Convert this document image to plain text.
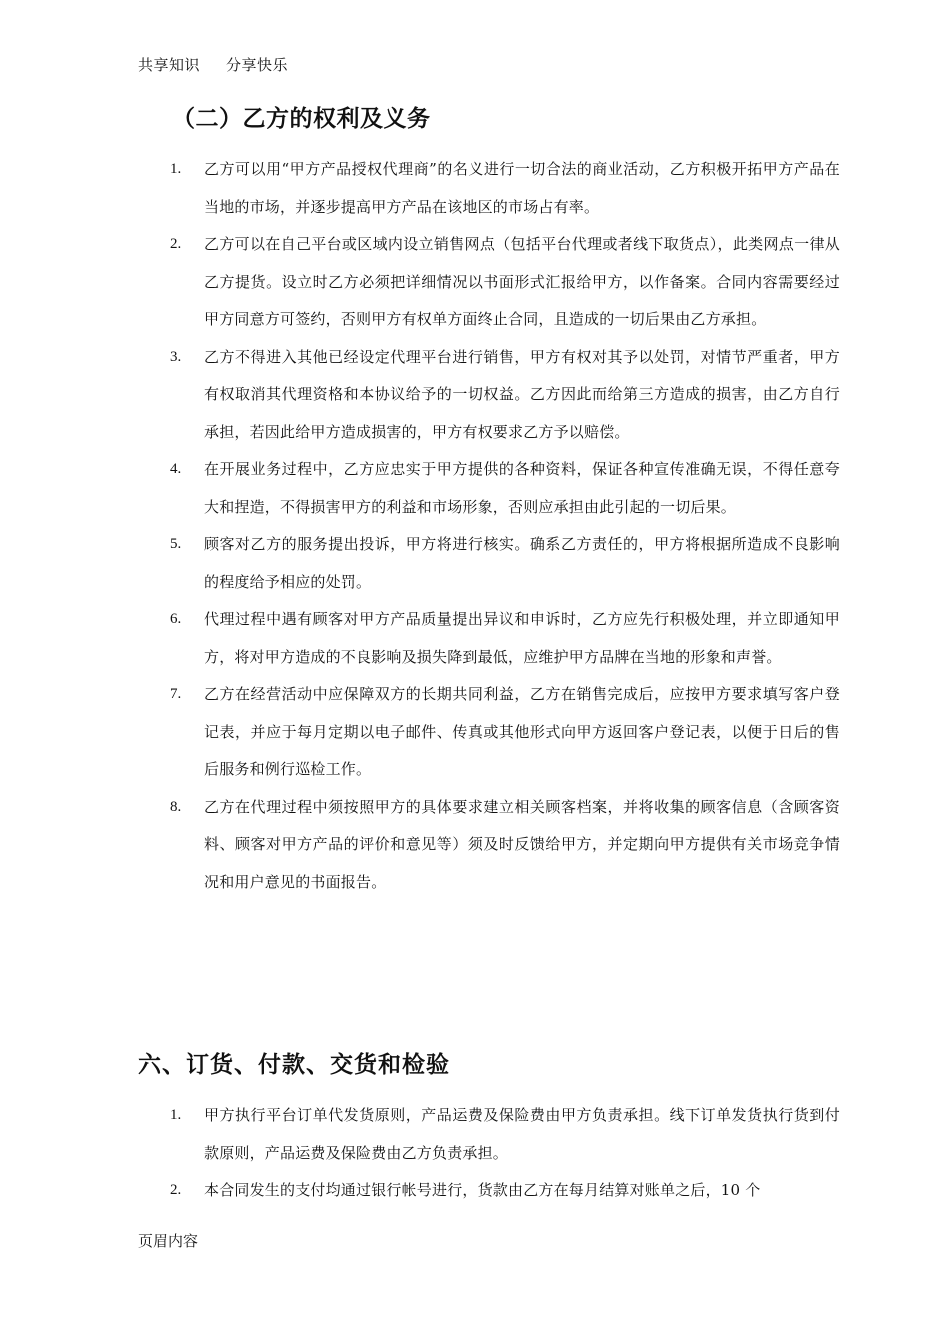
共享知识 分享快乐
（二）乙方的权利及义务
1. 乙方可以用“甲方产品授权代理商”的名义进行一切合法的商业活动，乙方积极开拓甲方产品在当地的市场，并逐步提高甲方产品在该地区的市场占有率。
2. 乙方可以在自己平台或区域内设立销售网点（包括平台代理或者线下取货点），此类网点一律从乙方提货。设立时乙方必须把详细情况以书面形式汇报给甲方，以作备案。合同内容需要经过甲方同意方可签约，否则甲方有权单方面终止合同，且造成的一切后果由乙方承担。
3. 乙方不得进入其他已经设定代理平台进行销售，甲方有权对其予以处罚，对情节严重者，甲方有权取消其代理资格和本协议给予的一切权益。乙方因此而给第三方造成的损害，由乙方自行承担，若因此给甲方造成损害的，甲方有权要求乙方予以赔偿。
4. 在开展业务过程中，乙方应忠实于甲方提供的各种资料，保证各种宣传准确无误，不得任意夸大和捏造，不得损害甲方的利益和市场形象，否则应承担由此引起的一切后果。
5. 顾客对乙方的服务提出投诉，甲方将进行核实。确系乙方责任的，甲方将根据所造成不良影响的程度给予相应的处罚。
6. 代理过程中遇有顾客对甲方产品质量提出异议和申诉时，乙方应先行积极处理，并立即通知甲方，将对甲方造成的不良影响及损失降到最低，应维护甲方品牌在当地的形象和声誉。
7. 乙方在经营活动中应保障双方的长期共同利益，乙方在销售完成后，应按甲方要求填写客户登记表，并应于每月定期以电子邮件、传真或其他形式向甲方返回客户登记表，以便于日后的售后服务和例行巡检工作。
8. 乙方在代理过程中须按照甲方的具体要求建立相关顾客档案，并将收集的顾客信息（含顾客资料、顾客对甲方产品的评价和意见等）须及时反馈给甲方，并定期向甲方提供有关市场竞争情况和用户意见的书面报告。
六、订货、付款、交货和检验
1. 甲方执行平台订单代发货原则，产品运费及保险费由甲方负责承担。线下订单发货执行货到付款原则，产品运费及保险费由乙方负责承担。
2. 本合同发生的支付均通过银行帐号进行，货款由乙方在每月结算对账单之后，10 个
页眉内容
